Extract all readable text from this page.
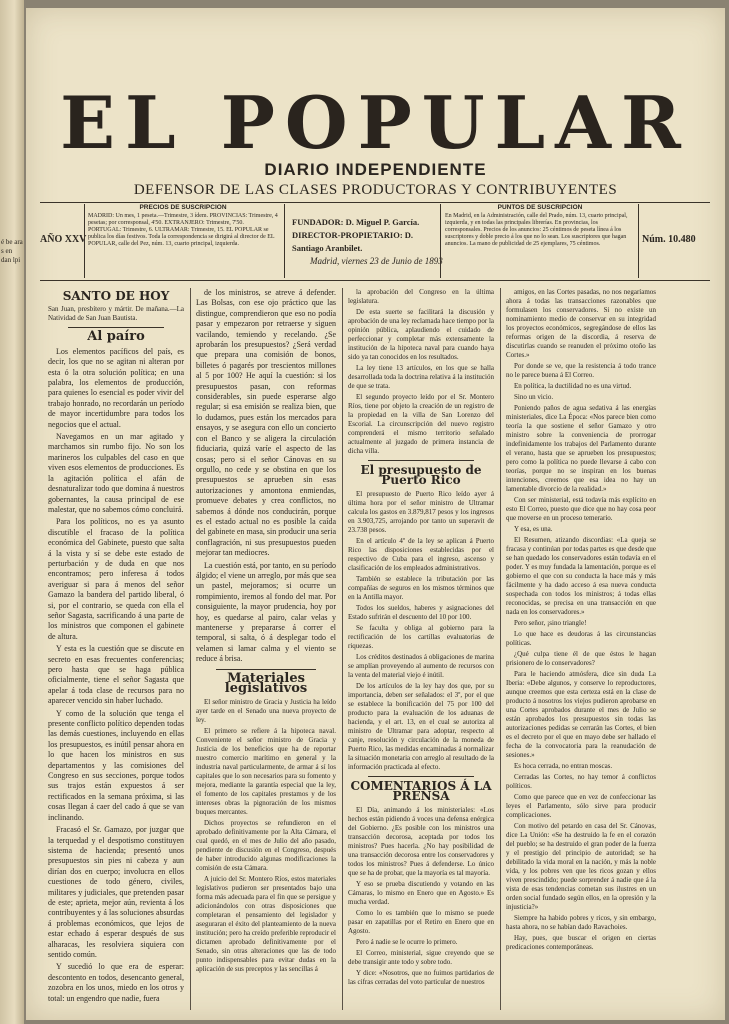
é be ara s en dan lpi
EL POPULAR
DIARIO INDEPENDIENTE
DEFENSOR DE LAS CLASES PRODUCTORAS Y CONTRIBUYENTES
AÑO XXV
PRECIOS DE SUSCRIPCION
MADRID: Un mes, 1 peseta.—Trimestre, 3 ídem. PROVINCIAS: Trimestre, 4 pesetas; por corresponsal, 4'50. EXTRANJERO: Trimestre, 7'50. PORTUGAL: Trimestre, 6. ULTRAMAR: Trimestre, 15. EL POPULAR se publica los días festivos. Toda la correspondencia se dirigirá al director de EL POPULAR, calle del Pez, núm. 13, cuarto principal, izquierda.
FUNDADOR: D. Miguel P. García.
DIRECTOR-PROPIETARIO: D. Santiago Aranbilet.
Madrid, viernes 23 de Junio de 1893
PUNTOS DE SUSCRIPCION
En Madrid, en la Administración, calle del Prado, núm. 13, cuarto principal, izquierda, y en todas las principales librerías. En provincias, los corresponsales. Precios de los anuncios: 25 céntimos de peseta línea á los suscriptores y doble precio á los que no lo sean. Los suscriptores que hagan anuncios. La mano de publicidad de 25 ejemplares, 75 céntimos.	Núm. 10.480
SANTO DE HOY
San Juan, presbítero y mártir. De mañana.—La Natividad de San Juan Bautista.
Al paíro

Los elementos pacíficos del país, es decir, los que no se agitan ni alteran por esta ó la otra solución política; en una palabra, los elementos de producción, para quienes lo esencial es poder vivir del trabajo honrado, no recordarán un período de mayor incertidumbre para todos los negocios que el actual.

Navegamos en un mar agitado y marchamos sin rumbo fijo. No son los marineros los culpables del caso en que viven esos elementos de producciones. Es la agitación política el afán de desnaturalizar todo que domina á nuestros gobernantes, la causa principal de ese malestar, que no sabemos cómo concluirá.

Para los políticos, no es ya asunto discutible el fracaso de la política económica del Gabinete, puesto que salta á la vista y sí se debe este estado de perturbación y de duda en que nos encontramos; pero inferesa á todos averiguar si para á menos del señor Gamazo la bandera del partido liberal, ó si, por el contrario, se queda con ella el señor Sagasta, sacrificando á una parte de los ministros que componen el gabinete de altura.

Y esta es la cuestión que se discute en secreto en esas frecuentes conferencias; pero hasta que se haga pública oficialmente, tiene el señor Sagasta que apelar á toda clase de recursos para no aparecer vencido sin haber luchado.

Y como de la solución que tenga el presente conflicto político dependen todas las demás cuestiones, incluyendo en ellas los presupuestos, es inútil pensar ahora en lo que hacen los ministros en sus departamentos y las comisiones del Congreso en sus secciones, porque todos sus trajos están expuestos á ser rectificados en la semana próxima, si las cosas llegan á caer del cado á que se van inclinando.

Fracasó el Sr. Gamazo, por juzgar que la terquedad y el despotismo constituyen sistema de hacienda; presentó unos presupuestos sin pies ni cabeza y aun dirían dos en cuerpo; involucra en ellos cuestiones de todo género, civiles, militares y judiciales, que pretenden pasar de este; aprieta, mejor aún, revienta á los contribuyentes y á las soluciones absurdas á problemas económicos, que lejos de estar echado á esperar después de sus alharacas, les resolviera siquiera con sentido común.

Y sucedió lo que era de esperar: descontento en todos, desencanto general, zozobra en los unos, miedo en los otros y total: un engendro que nadie, fuera

de los ministros, se atreve á defender. Las Bolsas, con ese ojo práctico que las distingue, comprendieron que eso no podía pasar y empezaron por retraerse y siguen vacilando, temiendo y recelando. ¿Se aprobarán los presupuestos? ¿Será verdad que prepara una comisión de bonos, billetes ó pagarés por trescientos millones al 5 por 100? He aquí la cuestión: si los presupuestos pasan, con reformas considerables, sin puede esperarse algo regular; si esa emisión se realiza bien, que lo dudamos, pues están los mercados para ensayos, y se asegura con ello un concierto con el Banco y se aligera la circulación fiduciaria, quizá varíe el aspecto de las cosas; pero si el señor Cánovas en su orgullo, no cede y se obstina en que los presupuestos se aprueben sin esas autorizaciones y amontona enmiendas, promueve debates y crea conflictos, no sabemos á dónde nos conducirán, porque es el estado actual no es posible la caída del gabinete en masa, sin producir una seria conflagración, ni sus presupuestos pueden mejorar tan mediocres.

La cuestión está, por tanto, en su período álgido; el viene un arreglo, por más que sea un pastel, mejoramos; si ocurre un rompimiento, iremos al fondo del mar. Por consiguiente, la mayor prudencia, hoy por hoy, es quedarse al pairo, calar velas y mantenerse y prepararse á correr el temporal, si salta, ó á desplegar todo el velamen si lamar calma y el viento se reduce á brisa.

Materiales legislativos

El señor ministro de Gracia y Justicia ha leído ayer tarde en el Senado una nueva proyecto de ley.

El primero se refiere á la hipoteca naval. Conveniente el señor ministro de Gracia y Justicia de los beneficios que ha de reportar nuestro comercio marítimo en general y la industria naval particularmente, de armar á sí los capitales que lo son necesarios para su fomento y mejora, mediante la garantía especial que la ley, el fomento de los capitales prestamos y de los intereses obras la pignoración de los mismos buques mercantes.

Dichos proyectos se refundieron en el aprobado definitivamente por la Alta Cámara, el cual quedó, en el mes de Julio del año pasado, pendiente de discusión en el Congreso, después de haber introducido algunas modificaciones la comisión de esta Cámara.

A juicio del Sr. Montero Ríos, estos materiales legislativos pudieron ser presentados bajo una forma más adecuada para el fin que se persigue y adicionándolos con otras disposiciones que completaran el pensamiento del legislador y aseguraran el éxito del planteamiento de la nueva institución; pero ha creído preferible reproducir el dictamen aprobado definitivamente por el Senado, sin otras alteraciones que las de todo punto indispensables para evitar dudas en la aplicación de sus preceptos y las sencillas á

la aprobación del Congreso en la última legislatura.

De esta suerte se facilitará la discusión y aprobación de una ley reclamada hace tiempo por la opinión pública, aplaudiendo el cuidado de perfeccionar y completar más extensamente la institución de la hipoteca naval para cuando haya sido ya tan conocidos en los resultados.

La ley tiene 13 artículos, en los que se halla desarrollada toda la doctrina relativa á la institución de que se trata.

El segundo proyecto leído por el Sr. Montero Ríos, tiene por objeto la creación de un registro de la propiedad en la villa de San Lorenzo del Escorial. La circunscripción del nuevo registro comprenderá el mismo territorio señalado actualmente al juzgado de primera instancia de dicha villa.

El presupuesto de Puerto Rico

El presupuesto de Puerto Rico leído ayer á última hora por el señor ministro de Ultramar calcula los gastos en 3.879,817 pesos y los ingresos en 3.903,725, arrojando por tanto un superavit de 23.738 pesos.

En el artículo 4º de la ley se aplican á Puerto Rico las disposiciones establecidas por el respectivo de Cuba para el ingreso, ascenso y clasificación de los empleados administrativos.

También se establece la tributación por las compañías de seguros en los mismos términos que en la Antilla mayor.

Todos los sueldos, haberes y asignaciones del Estado sufrirán el descuento del 10 por 100.

Se faculta y obliga al gobierno para la rectificación de los cartillas evaluatorias de riquezas.

Los créditos destinados á obligaciones de marina se amplían proveyendo al aumento de recursos con la venta del material viejo é inútil.

De los artículos de la ley hay dos que, por su importancia, deben ser señalados: el 3º, por el que se establece la bonificación del 75 por 100 del producto para la evaluación de los aduanas de hacienda, y el art. 13, en el cual se autoriza al ministro de Ultramar para adoptar, respecto al canje, resolución y circulación de la moneda de Puerto Rico, las medidas encaminadas á normalizar la situación monetaria con arreglo al resultado de la información practicada al efecto.

COMENTARIOS Á LA PRENSA

El Día, animando á los ministeriales: «Los hechos están pidiendo á voces una defensa enérgica del Gobierno. ¿Es posible con los ministros una transacción decorosa, aceptada por todos los ministros? Pues hacerla. ¿No hay posibilidad de una transacción decorosa entre los conservadores y todos los ministros? Pues á defenderse. Lo único que se ha de probar, que la mayoría es tal mayoría.

Y eso se prueba discutiendo y votando en las Cámaras, lo mismo en Enero que en Agosto.» Es mucha verdad.

Como lo es también que lo mismo se puede pasar en zapatillas por el Retiro en Enero que en Agosto.

Pero á nadie se le ocurre lo primero.

El Correo, ministerial, sigue creyendo que se debe transigir ante todo y sobre todo.

Y dice: «Nosotros, que no fuimos partidarios de las cifras cerradas del voto particular de nuestros

amigos, en las Cortes pasadas, no nos negaríamos ahora á todas las transacciones razonables que formulasen los conservadores. Si no existe un nominamiento medio de conservar en su integridad los proyectos económicos, segregándose de ellos las reformas origen de la discordia, á reserva de discutirlas cuando se reanuden el próximo otoño las Cortes.»

Por donde se ve, que la resistencia á todo trance no le parece buena á El Correo.

En política, la ductilidad no es una virtud.

Sino un vicio.

Poniendo paños de agua sedativa á las energías ministeriales, dice La Época: «Nos parece bien como teoría la que sostiene el señor Gamazo y otro ministro sobre la conveniencia de prorrogar indefinidamente los trabajos del Parlamento durante el verano, hasta que se aprueben los presupuestos; pero como la política no puede llevarse á cabo con teorías, porque no se inspiran en los buenas intenciones, creemos que esa idea no hay un lamentable divorcio de la realidad.»

Con ser ministerial, está todavía más explícito en esto El Correo, puesto que dice que no hay cosa peor que moverse en un proceso temerario.

Y esa, es una.

El Resumen, atizando discordias: «La queja se fracasa y continúan por todas partes es que desde que se han quedado los conservadores están todavía en el poder. Y es muy fundada la lamentación, porque es el gobierno el que con su conducta la hace más y más fácilmente y ha dado acceso á esa nueva conducta sospechada con todos los ministros; á todas ellas reconocidas, se precisa en una transacción en que nada en los conservadores.»

Pero señor, ¡sino triangle!

Lo que hace es deudoras á las circunstancias políticas.

¿Qué culpa tiene él de que éstos le hagan prisionero de lo conservadores?

Para le haciendo atmósfera, dice sin duda La Iberia: «Debe algunos, y conserve lo reproductores, aunque creemos que esta certeza está en la clase de producto á nosotros los viejos pudieron aprobarse en una Cortes aprobados durante el mes de Julio se están aprobados los presupuestos sin todas las autorizaciones pedidas se cerrarán las Cortes, el bien es el decreto por el que en mayo debe ser hallado el fecha de la convocatoria para la reanudación de sesiones.»

Es hoca cerrada, no entran moscas.

Cerradas las Cortes, no hay temor á conflictos políticos.

Como que parece que en vez de confeccionar las leyes el Parlamento, sólo sirve para producir complicaciones.

Con motivo del petardo en casa del Sr. Cánovas, dice La Unión: «Se ha destruido la fe en el corazón del pueblo; se ha destruido el gran poder de la fuerza y el prestigio del principio de autoridad; se ha debilitado la vida moral en la nación, y más la noble vida, y los pobres ven que les ricos gozan y ellos viven prescindido; puede sorprender á nadie que á la vista de esas tendencias cometan sus ilustres en un orden social fundado según ellos, en la opresión y la injusticia?»

Siempre ha habido pobres y ricos, y sin embargo, hasta ahora, no se habían dado Ravachoies.

Hay, pues, que buscar el origen en ciertas predicaciones contemporáneas.
